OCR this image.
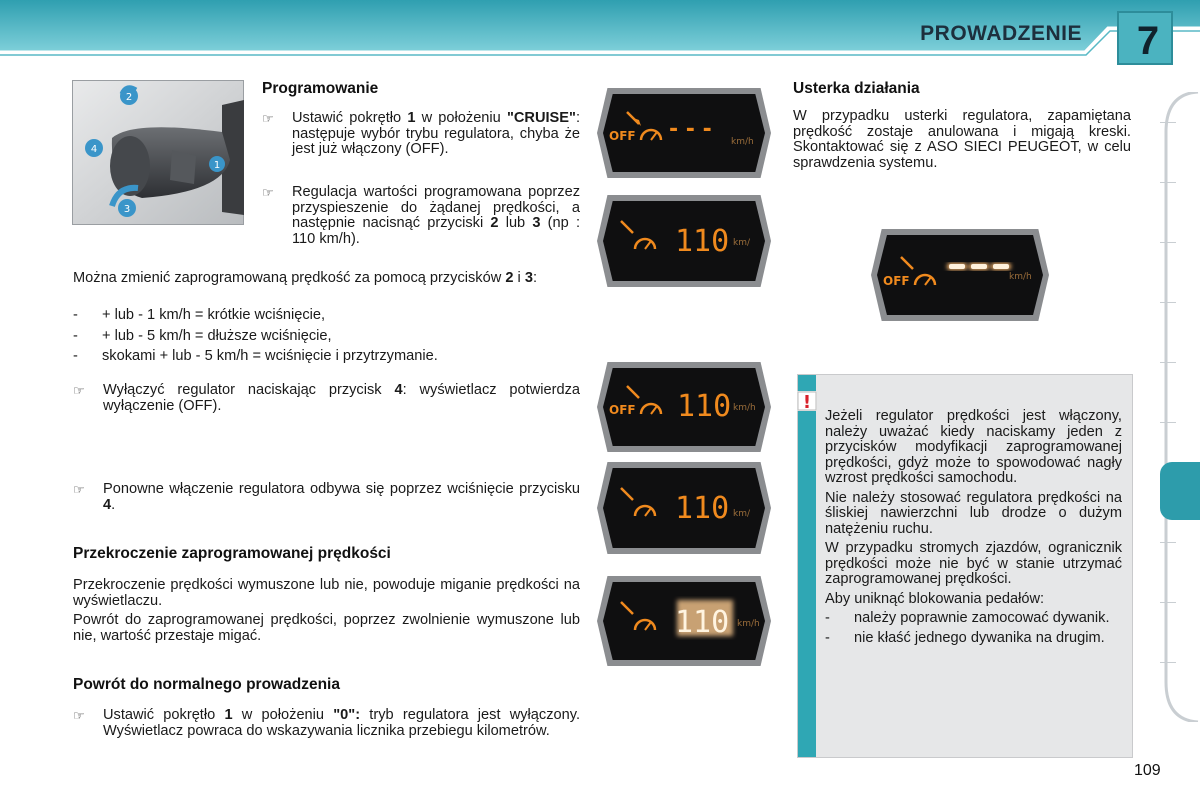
PROWADZENIE	7
2
4
1
3
Programowanie
☞	Ustawić pokrętło 1 w położeniu "CRUISE": następuje wybór trybu regulatora, chyba że jest już włączony (OFF).
☞	Regulacja wartości programowana poprzez przyspieszenie do żądanej prędkości, a następnie nacisnąć przyciski 2 lub 3 (np : 110 km/h).
Można zmienić zaprogramowaną prędkość za pomocą przycisków 2 i 3:
-	+ lub - 1 km/h = krótkie wciśnięcie,
-	+ lub - 5 km/h = dłuższe wciśnięcie,
-	skokami + lub - 5 km/h = wciśnięcie i przytrzymanie.
☞	Wyłączyć regulator naciskając przycisk 4: wyświetlacz potwierdza wyłączenie (OFF).
☞	Ponowne włączenie regulatora odbywa się poprzez wciśnięcie przycisku 4.
Przekroczenie zaprogramowanej prędkości

Przekroczenie prędkości wymuszone lub nie, powoduje miganie prędkości na wyświetlaczu.

Powrót do zaprogramowanej prędkości, poprzez zwolnienie wymuszone lub nie, wartość przestaje migać.

Powrót do normalnego prowadzenia
☞	Ustawić pokrętło 1 w położeniu "0": tryb regulatora jest wyłączony. Wyświetlacz powraca do wskazywania licznika przebiegu kilometrów.
OFF - - - km/h
110 km/
OFF 110 km/h
110 km/
110 km/h
Usterka działania

W przypadku usterki regulatora, zapamiętana prędkość zostaje anulowana i migają kreski. Skontaktować się z ASO SIECI PEUGEOT, w celu sprawdzenia systemu.

OFF	km/h
!

Jeżeli regulator prędkości jest włączony, należy uważać kiedy naciskamy jeden z przycisków modyfikacji zaprogramowanej prędkości, gdyż może to spowodować nagły wzrost prędkości samochodu.

Nie należy stosować regulatora prędkości na śliskiej nawierzchni lub drodze o dużym natężeniu ruchu.

W przypadku stromych zjazdów, ogranicznik prędkości może nie być w stanie utrzymać zaprogramowanej prędkości.

Aby uniknąć blokowania pedałów:

-	należy poprawnie zamocować dywanik.
-	nie kłaść jednego dywanika na drugim.
109
